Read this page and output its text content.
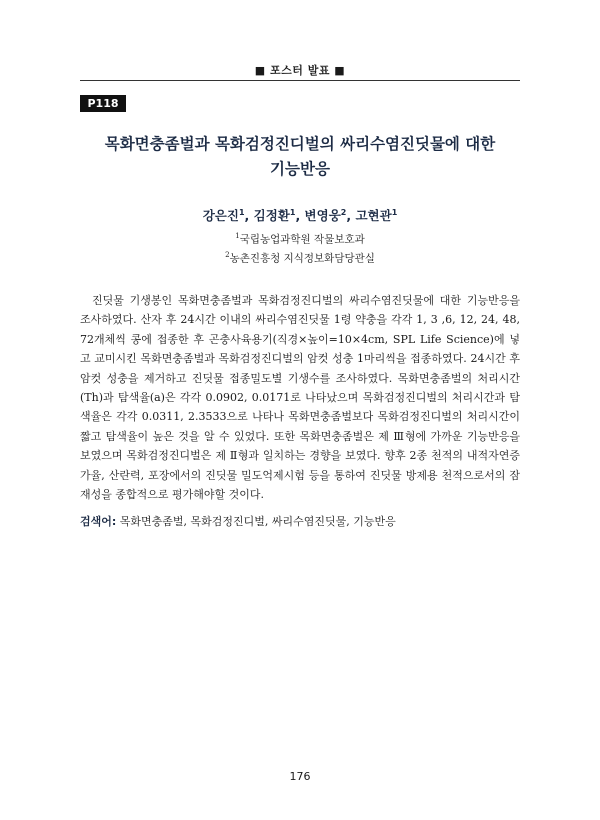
■ 포스터 발표 ■
P118
목화면충좀벌과 목화검정진디벌의 싸리수염진딧물에 대한
기능반응
강은진$^1$, 김정환$^1$, 변영웅$^2$, 고현관$^1$
$^1$국립농업과학원 작물보호과
$^2$농촌진흥청 지식정보화담당관실

진딧물 기생봉인 목화면충좀벌과 목화검정진디벌의 싸리수염진딧물에 대한 기능반응을 조사하였다. 산자 후 24시간 이내의 싸리수염진딧물 1령 약충을 각각 1, 3 ,6, 12, 24, 48, 72개체씩 콩에 접종한 후 곤충사육용기(직경×높이=10×4cm, SPL Life Science)에 넣고 교미시킨 목화면충좀벌과 목화검정진디벌의 암컷 성충 1마리씩을 접종하였다. 24시간 후 암컷 성충을 제거하고 진딧물 접종밀도별 기생수를 조사하였다. 목화면충좀벌의 처리시간(Th)과 탐색율(a)은 각각 0.0902, 0.0171로 나타났으며 목화검정진디벌의 처리시간과 탐색율은 각각 0.0311, 2.3533으로 나타나 목화면충좀벌보다 목화검정진디벌의 처리시간이 짧고 탐색율이 높은 것을 알 수 있었다. 또한 목화면충좀벌은 제 Ⅲ형에 가까운 기능반응을 보였으며 목화검정진디벌은 제 Ⅱ형과 일치하는 경향을 보였다. 향후 2종 천적의 내적자연증가율, 산란력, 포장에서의 진딧물 밀도억제시험 등을 통하여 진딧물 방제용 천적으로서의 잠재성을 종합적으로 평가해야할 것이다.

검색어: 목화면충좀벌, 목화검정진디벌, 싸리수염진딧물, 기능반응
176
